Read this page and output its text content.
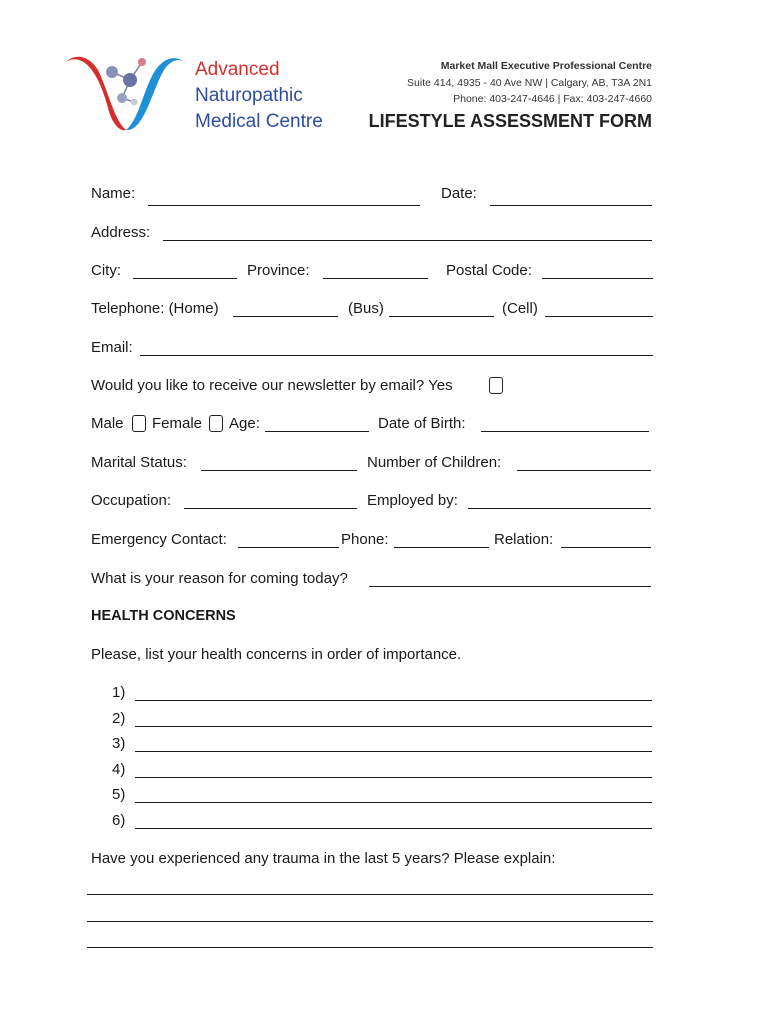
Advanced
Naturopathic
Medical Centre
Market Mall Executive Professional Centre
Suite 414, 4935 - 40 Ave NW | Calgary, AB, T3A 2N1
Phone: 403-247-4646 | Fax: 403-247-4660
LIFESTYLE ASSESSMENT FORM
Name:	Date:
Address:
City:	Province:	Postal Code:
Telephone: (Home)	(Bus)	(Cell)
Email:
Would you like to receive our newsletter by email? Yes
Male Female Age:	Date of Birth:
Marital Status:	Number of Children:
Occupation:	Employed by:
Emergency Contact:	Phone:	Relation:
What is your reason for coming today?
HEALTH CONCERNS
Please, list your health concerns in order of importance.
1)
2)
3)
4)
5)
6)
Have you experienced any trauma in the last 5 years? Please explain:
